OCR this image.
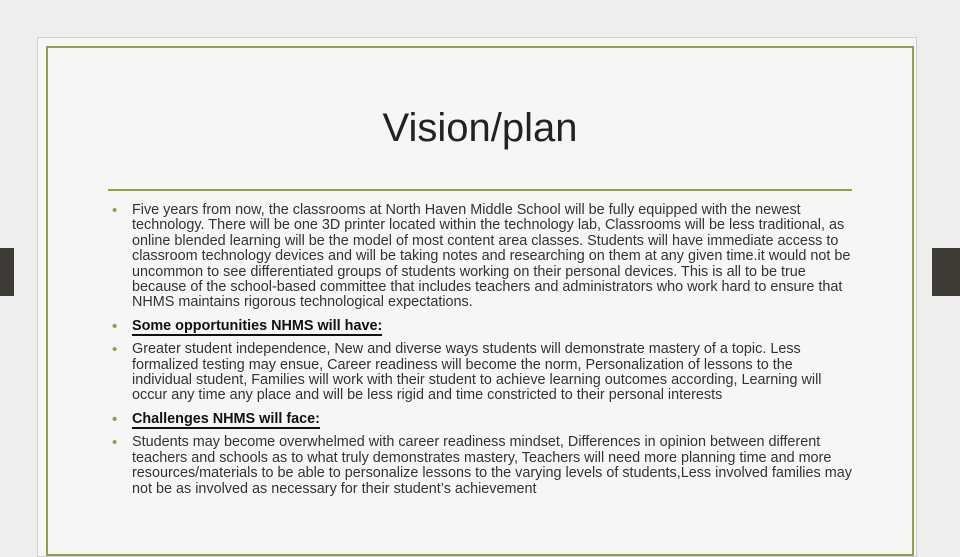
Vision/plan
• Five years from now, the classrooms at North Haven Middle School will be fully equipped with the newest technology. There will be one 3D printer located within the technology lab, Classrooms will be less traditional, as online blended learning will be the model of most content area classes. Students will have immediate access to classroom technology devices and will be taking notes and researching on them at any given time.it would not be uncommon to see differentiated groups of students working on their personal devices. This is all to be true because of the school-based committee that includes teachers and administrators who work hard to ensure that NHMS maintains rigorous technological expectations.
• Some opportunities NHMS will have:
• Greater student independence, New and diverse ways students will demonstrate mastery of a topic. Less formalized testing may ensue, Career readiness will become the norm, Personalization of lessons to the individual student, Families will work with their student to achieve learning outcomes according, Learning will occur any time any place and will be less rigid and time constricted to their personal interests
• Challenges NHMS will face:
• Students may become overwhelmed with career readiness mindset, Differences in opinion between different teachers and schools as to what truly demonstrates mastery, Teachers will need more planning time and more resources/materials to be able to personalize lessons to the varying levels of students,Less involved families may not be as involved as necessary for their student’s achievement
